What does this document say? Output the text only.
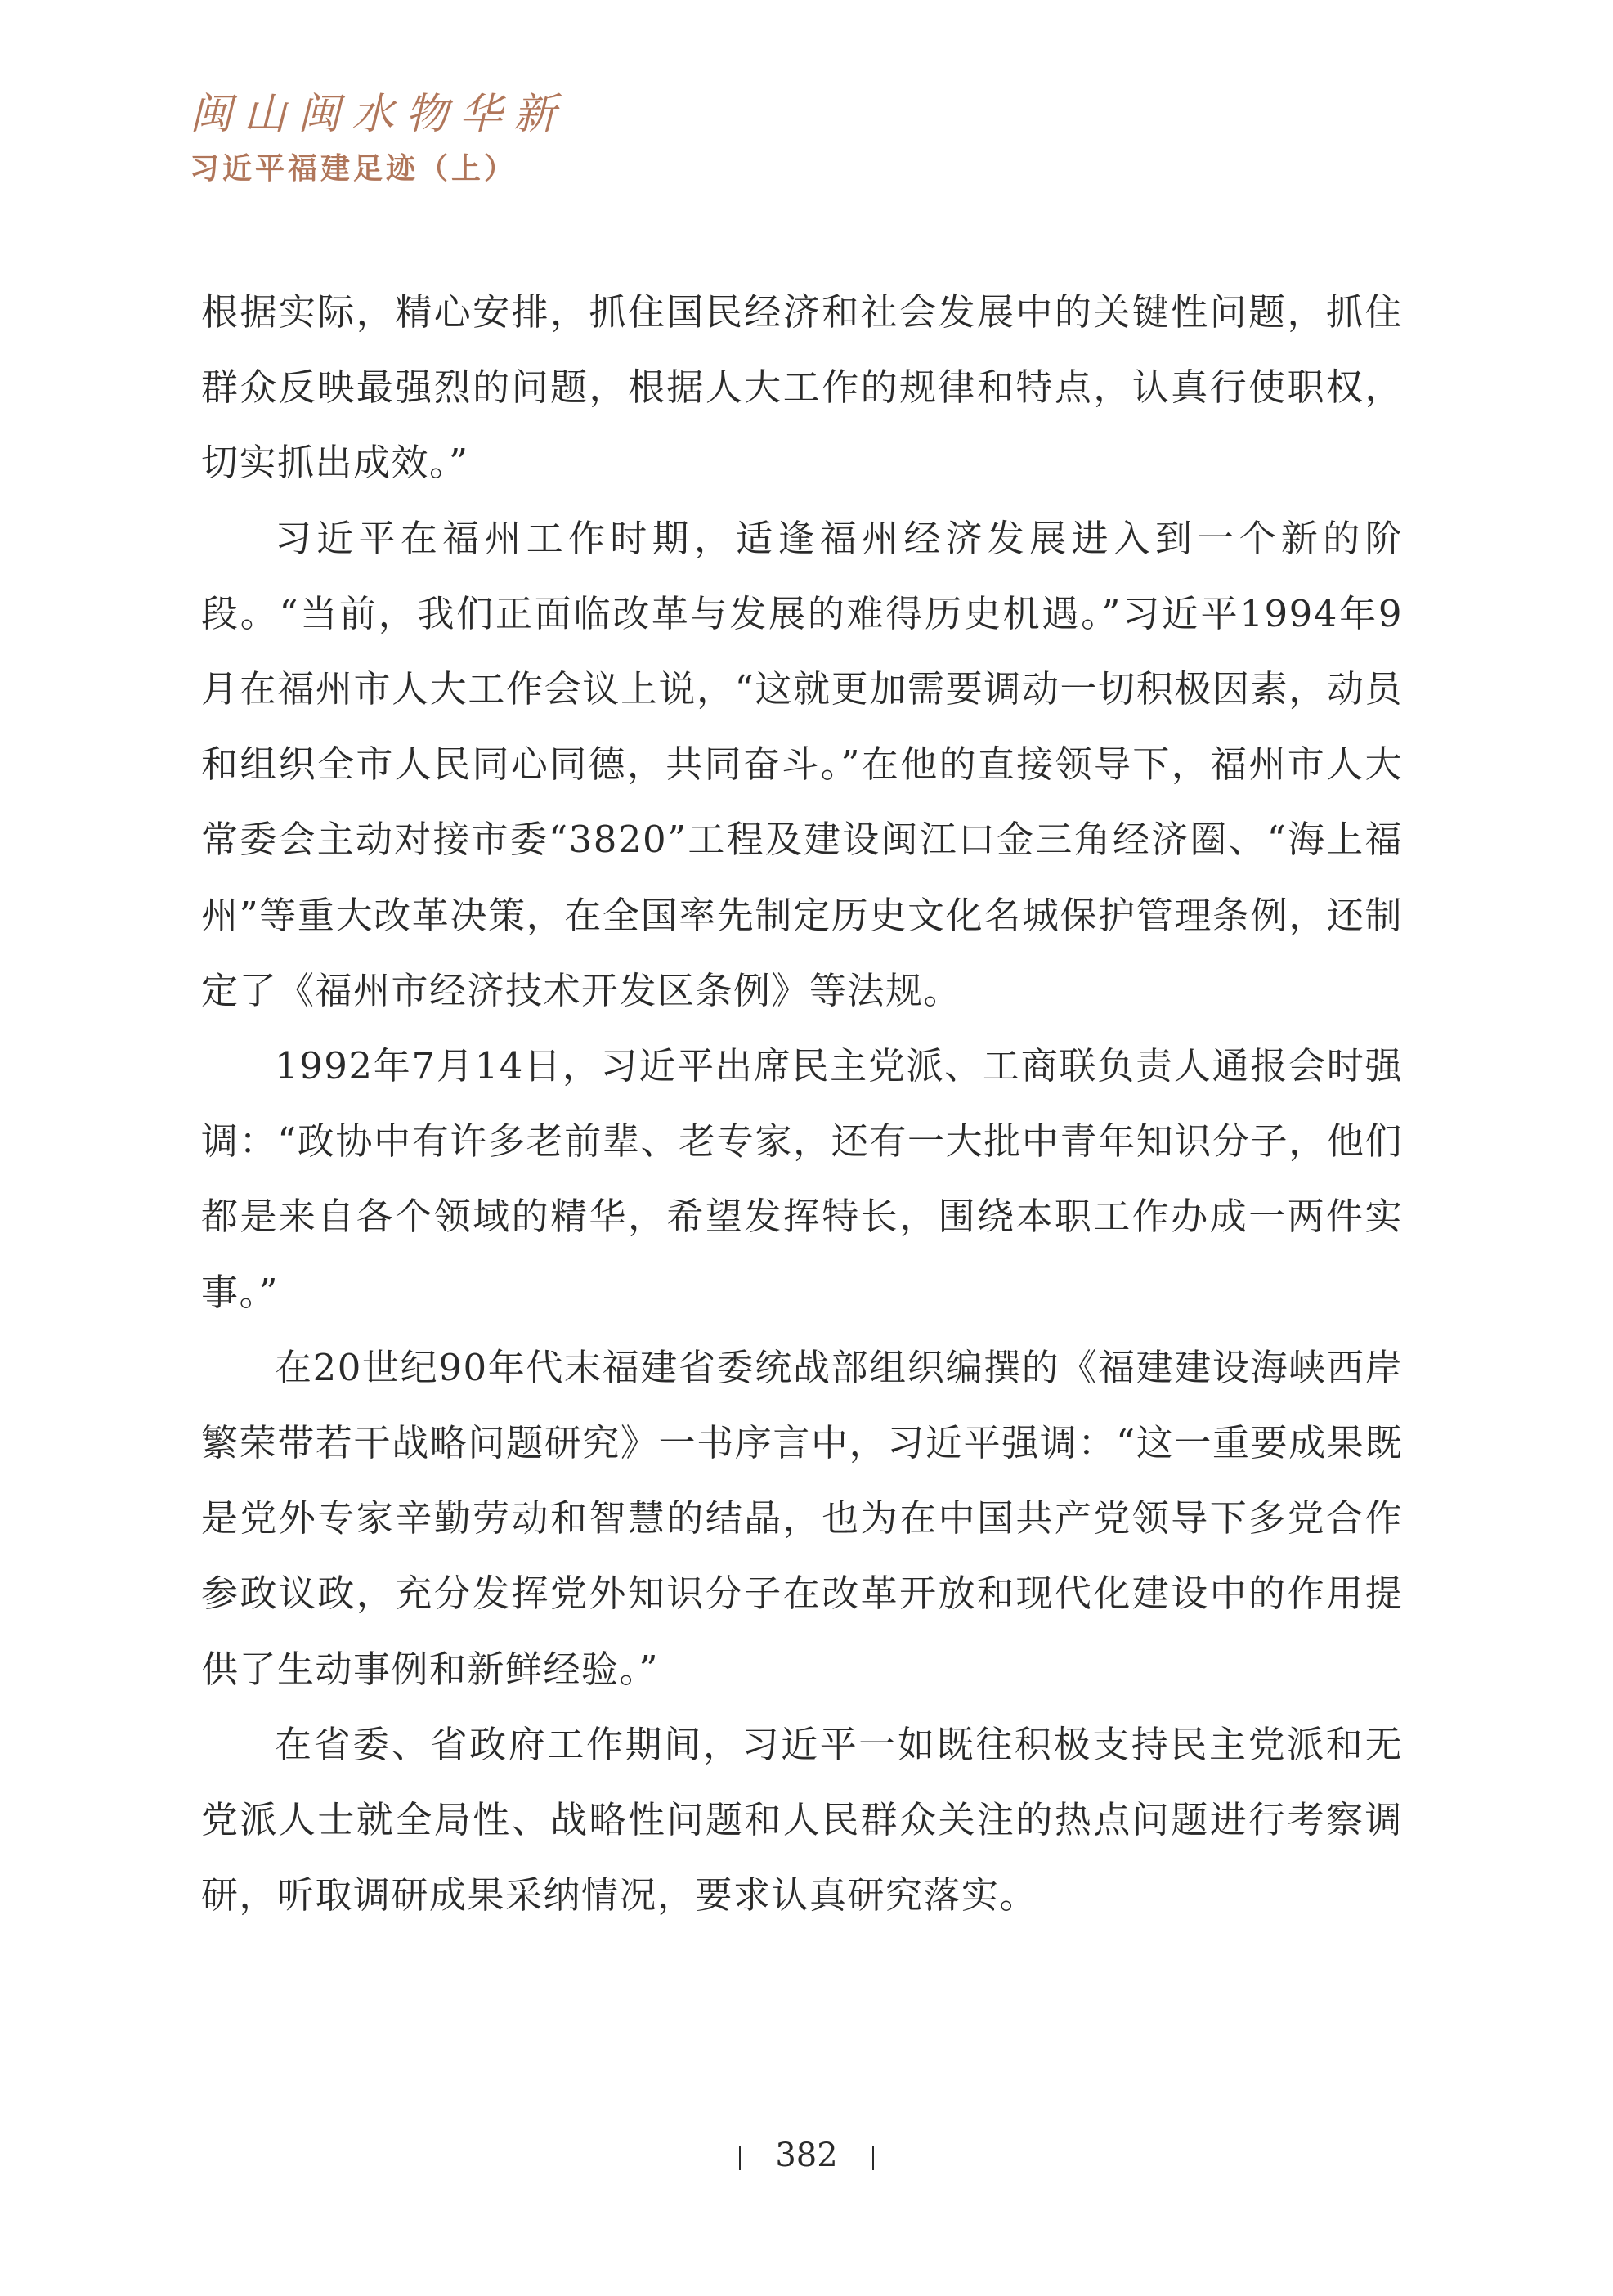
闽山闽水物华新
习近平福建足迹（上）

根据实际，精心安排，抓住国民经济和社会发展中的关键性问题，抓住群众反映最强烈的问题，根据人大工作的规律和特点，认真行使职权，切实抓出成效。”

习近平在福州工作时期，适逢福州经济发展进入到一个新的阶段。“当前，我们正面临改革与发展的难得历史机遇。”习近平1994年9月在福州市人大工作会议上说，“这就更加需要调动一切积极因素，动员和组织全市人民同心同德，共同奋斗。”在他的直接领导下，福州市人大常委会主动对接市委“3820”工程及建设闽江口金三角经济圈、“海上福州”等重大改革决策，在全国率先制定历史文化名城保护管理条例，还制定了《福州市经济技术开发区条例》等法规。

1992年7月14日，习近平出席民主党派、工商联负责人通报会时强调：“政协中有许多老前辈、老专家，还有一大批中青年知识分子，他们都是来自各个领域的精华，希望发挥特长，围绕本职工作办成一两件实事。”

在20世纪90年代末福建省委统战部组织编撰的《福建建设海峡西岸繁荣带若干战略问题研究》一书序言中，习近平强调：“这一重要成果既是党外专家辛勤劳动和智慧的结晶，也为在中国共产党领导下多党合作参政议政，充分发挥党外知识分子在改革开放和现代化建设中的作用提供了生动事例和新鲜经验。”

在省委、省政府工作期间，习近平一如既往积极支持民主党派和无党派人士就全局性、战略性问题和人民群众关注的热点问题进行考察调研，听取调研成果采纳情况，要求认真研究落实。

382
